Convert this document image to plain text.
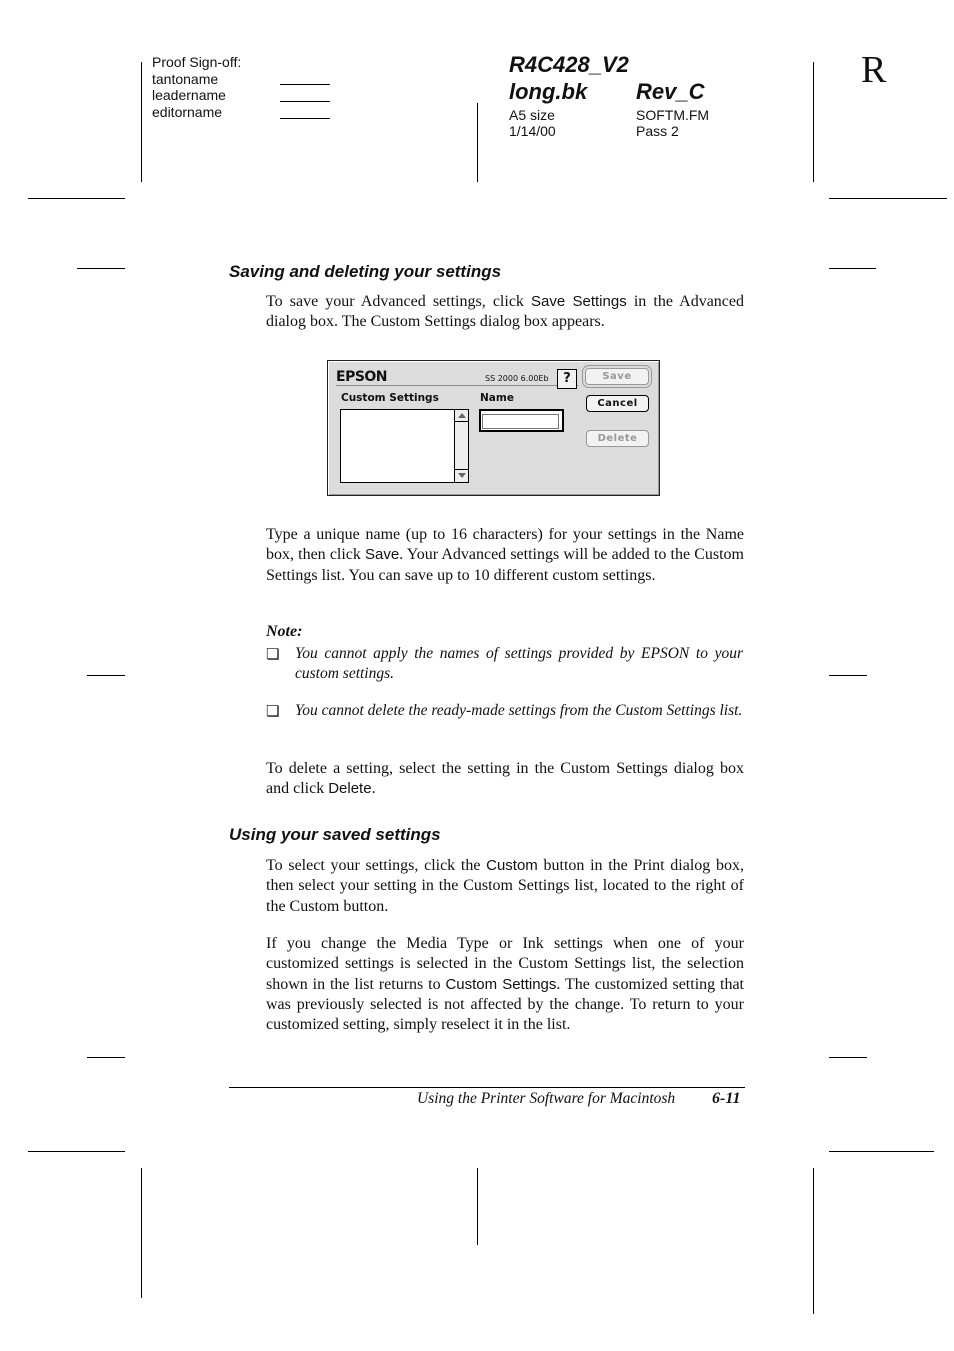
Proof Sign-off:
tantoname
leadername
editorname
R4C428_V2
long.bk Rev_C
A5 size
1/14/00
SOFTM.FM
Pass 2
R
Saving and deleting your settings
To save your Advanced settings, click Save Settings in the Advanced dialog box. The Custom Settings dialog box appears.
EPSON	SS 2000 6.00Eb	?
Custom Settings	Name
Save
Cancel
Delete
Type a unique name (up to 16 characters) for your settings in the Name box, then click Save. Your Advanced settings will be added to the Custom Settings list. You can save up to 10 different custom settings.
Note:
❏ You cannot apply the names of settings provided by EPSON to your custom settings.
❏ You cannot delete the ready-made settings from the Custom Settings list.
To delete a setting, select the setting in the Custom Settings dialog box and click Delete.
Using your saved settings
To select your settings, click the Custom button in the Print dialog box, then select your setting in the Custom Settings list, located to the right of the Custom button.
If you change the Media Type or Ink settings when one of your customized settings is selected in the Custom Settings list, the selection shown in the list returns to Custom Settings. The customized setting that was previously selected is not affected by the change. To return to your customized setting, simply reselect it in the list.
Using the Printer Software for Macintosh 6-11
